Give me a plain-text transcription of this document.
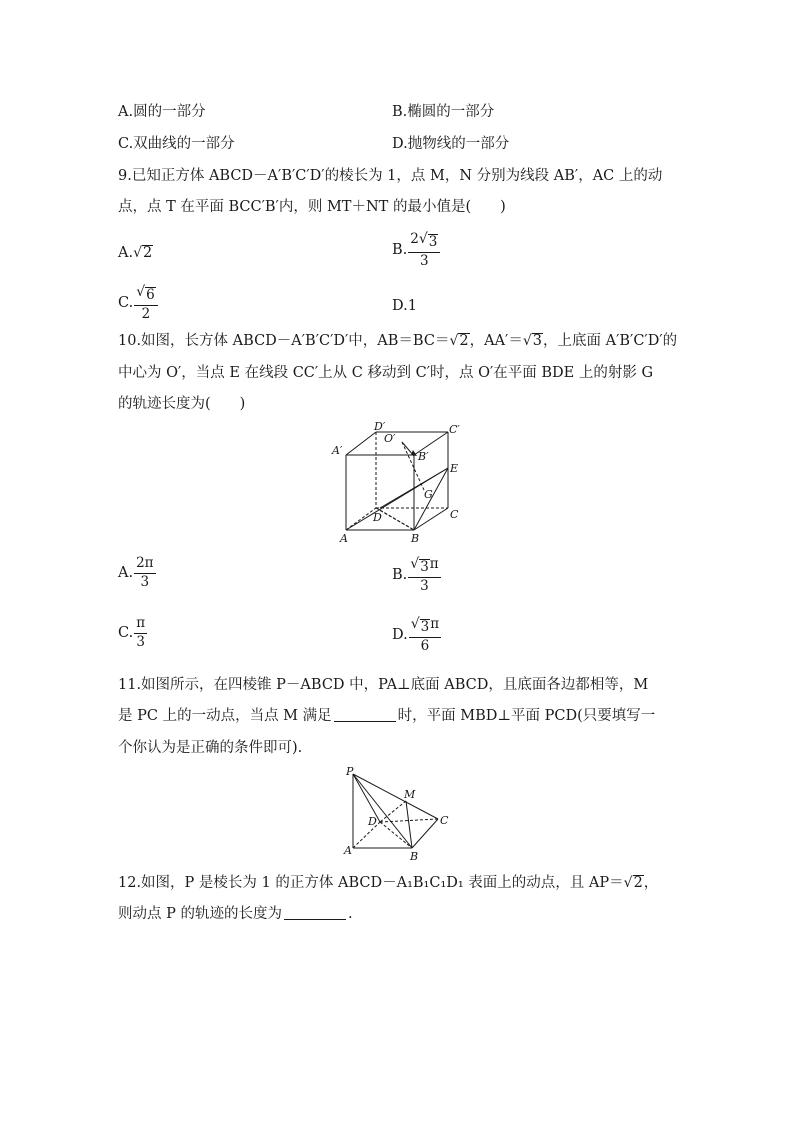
A.圆的一部分	B.椭圆的一部分
C.双曲线的一部分	D.抛物线的一部分
9.已知正方体 ABCD－A′B′C′D′的棱长为 1，点 M，N 分别为线段 AB′，AC 上的动
点，点 T 在平面 BCC′B′内，则 MT＋NT 的最小值是(　　)
A. √ 2	B. $\frac{2 √ 3}{3}$
C. $\frac{√ 6}{2}$	D.1
10.如图，长方体 ABCD－A′B′C′D′中，AB＝BC＝ √ 2 ，AA′＝ √ 3 ，上底面 A′B′C′D′的
中心为 O′，当点 E 在线段 CC′上从 C 移动到 C′时，点 O′在平面 BDE 上的射影 G
的轨迹长度为(　　)
D′	C′
A′	B′
O′
E
G
D	C
A	B
A. $\frac{2\pi}{3}$	B. $\frac{√ 3 \pi}{3}$
C. $\frac{\pi}{3}$	D. $\frac{√ 3 \pi}{6}$
11.如图所示，在四棱锥 P－ABCD 中，PA⊥底面 ABCD，且底面各边都相等，M
是 PC 上的一动点，当点 M 满足	时，平面 MBD⊥平面 PCD(只要填写一
个你认为是正确的条件即可).
P
M
D	C
A	B
12.如图，P 是棱长为 1 的正方体 ABCD－A₁B₁C₁D₁ 表面上的动点，且 AP＝ √ 2 ，
则动点 P 的轨迹的长度为	.
